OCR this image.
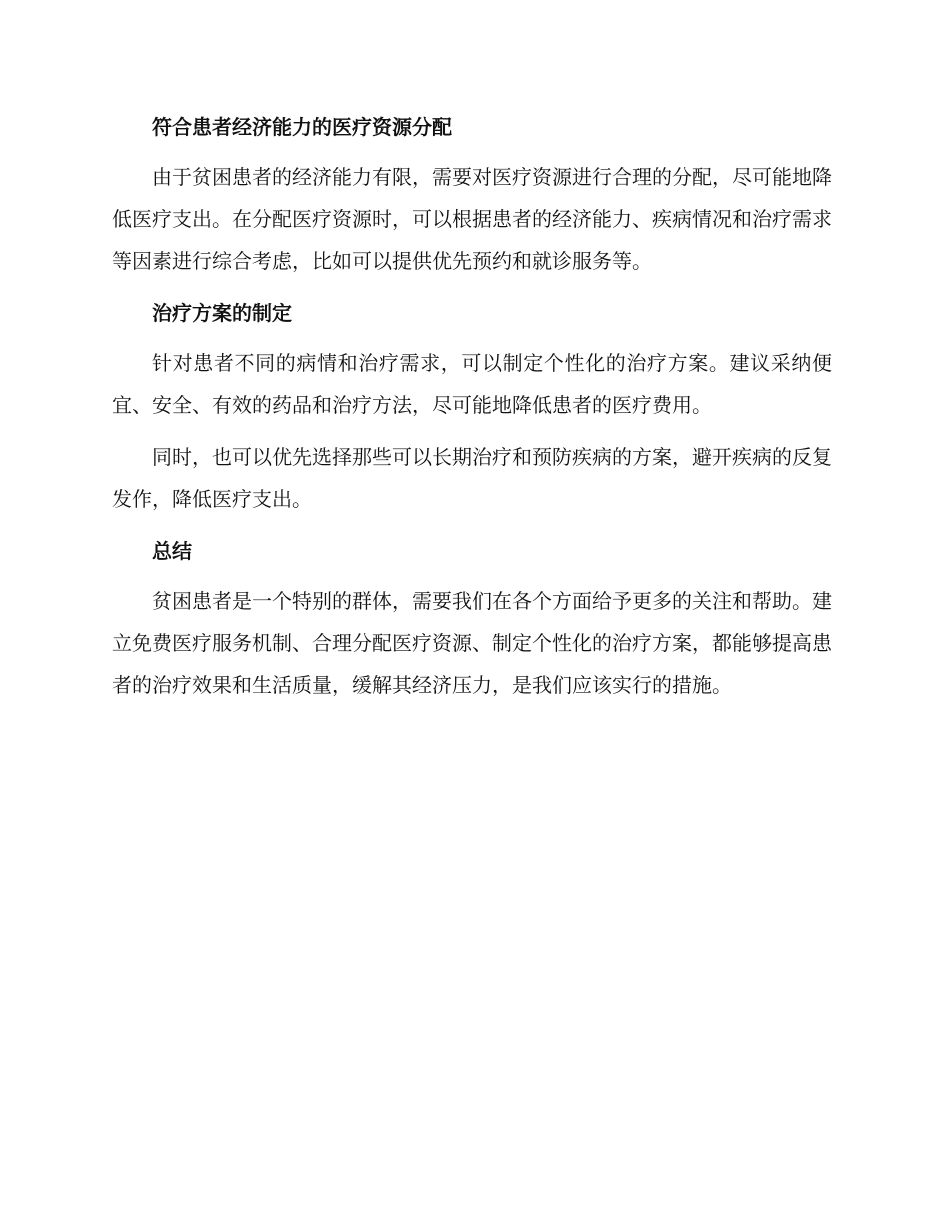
符合患者经济能力的医疗资源分配

由于贫困患者的经济能力有限，需要对医疗资源进行合理的分配，尽可能地降低医疗支出。在分配医疗资源时，可以根据患者的经济能力、疾病情况和治疗需求等因素进行综合考虑，比如可以提供优先预约和就诊服务等。

治疗方案的制定

针对患者不同的病情和治疗需求，可以制定个性化的治疗方案。建议采纳便宜、安全、有效的药品和治疗方法，尽可能地降低患者的医疗费用。

同时，也可以优先选择那些可以长期治疗和预防疾病的方案，避开疾病的反复发作，降低医疗支出。

总结

贫困患者是一个特别的群体，需要我们在各个方面给予更多的关注和帮助。建立免费医疗服务机制、合理分配医疗资源、制定个性化的治疗方案，都能够提高患者的治疗效果和生活质量，缓解其经济压力，是我们应该实行的措施。
